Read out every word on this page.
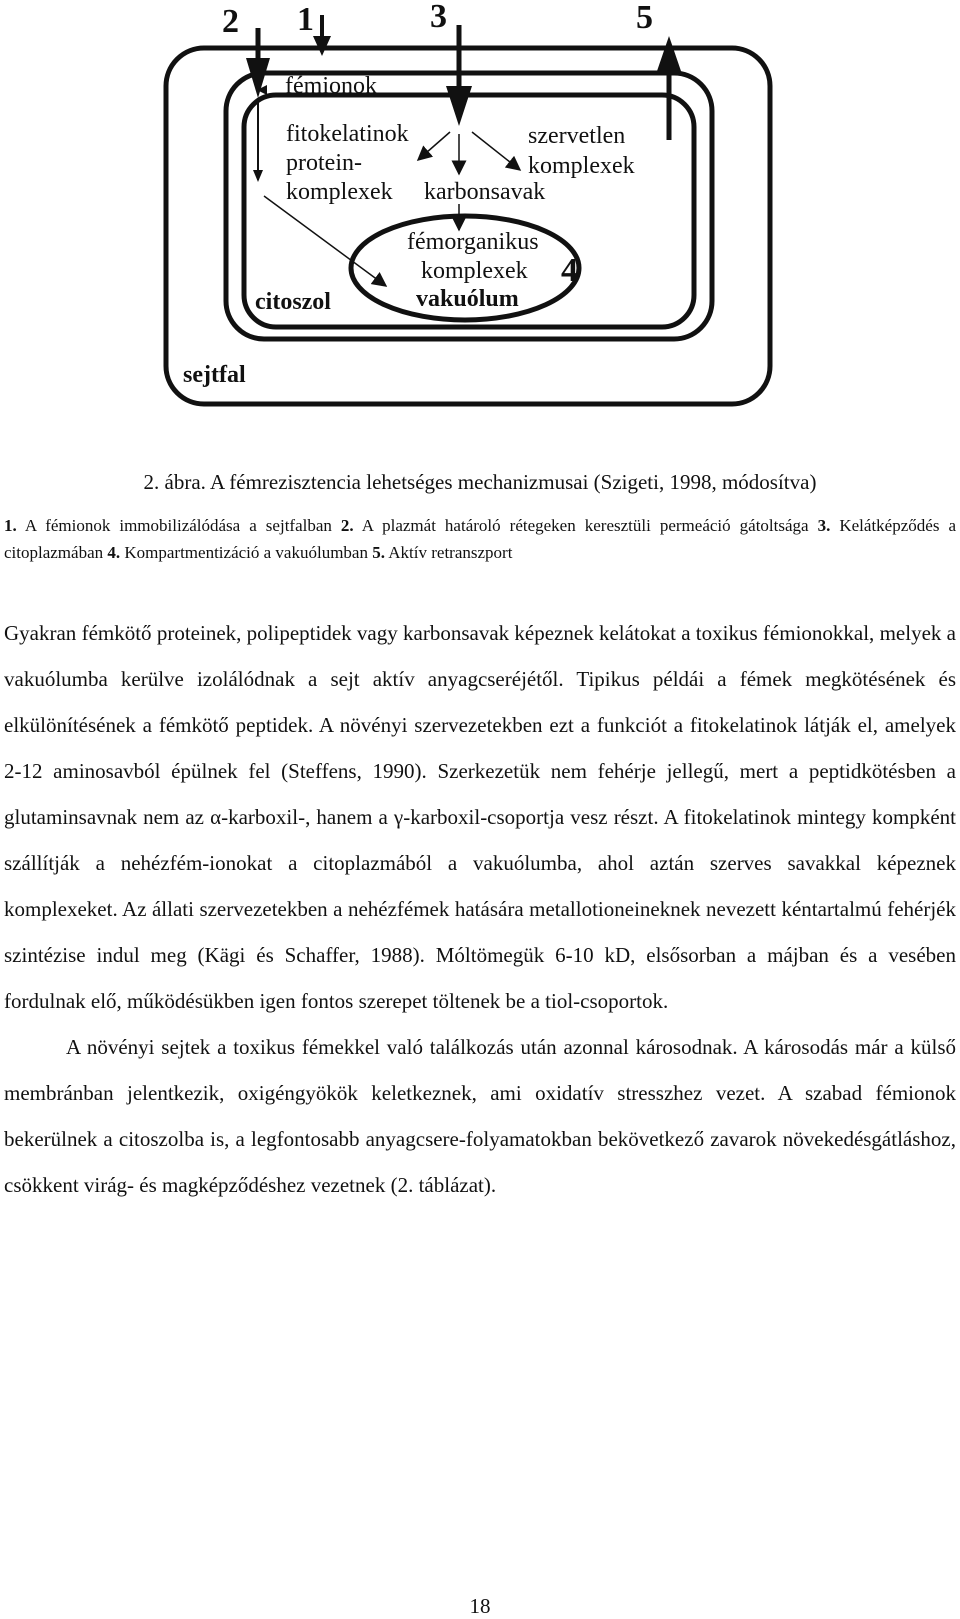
2 1	3	5
4
fémionok
fitokelatinok
protein-
komplexek
szervetlen
komplexek
karbonsavak
fémorganikus
komplexek
vakuólum
citoszol
sejtfal
2. ábra. A fémrezisztencia lehetséges mechanizmusai (Szigeti, 1998, módosítva)
1. A fémionok immobilizálódása a sejtfalban 2. A plazmát határoló rétegeken keresztüli permeáció gátoltsága 3. Kelátképződés a citoplazmában 4. Kompartmentizáció a vakuólumban 5. Aktív retranszport

Gyakran fémkötő proteinek, polipeptidek vagy karbonsavak képeznek kelátokat a toxikus fémionokkal, melyek a vakuólumba kerülve izolálódnak a sejt aktív anyagcseréjétől. Tipikus példái a fémek megkötésének és elkülönítésének a fémkötő peptidek. A növényi szervezetekben ezt a funkciót a fitokelatinok látják el, amelyek 2-12 aminosavból épülnek fel (Steffens, 1990). Szerkezetük nem fehérje jellegű, mert a peptidkötésben a glutaminsavnak nem az α-karboxil-, hanem a γ-karboxil-csoportja vesz részt. A fitokelatinok mintegy kompként szállítják a nehézfém-ionokat a citoplazmából a vakuólumba, ahol aztán szerves savakkal képeznek komplexeket. Az állati szervezetekben a nehézfémek hatására metallotioneineknek nevezett kéntartalmú fehérjék szintézise indul meg (Kägi és Schaffer, 1988). Móltömegük 6-10 kD, elsősorban a májban és a vesében fordulnak elő, működésükben igen fontos szerepet töltenek be a tiol-csoportok.

A növényi sejtek a toxikus fémekkel való találkozás után azonnal károsodnak. A károsodás már a külső membránban jelentkezik, oxigéngyökök keletkeznek, ami oxidatív stresszhez vezet. A szabad fémionok bekerülnek a citoszolba is, a legfontosabb anyagcsere-folyamatokban bekövetkező zavarok növekedésgátláshoz, csökkent virág- és magképződéshez vezetnek (2. táblázat).

18
